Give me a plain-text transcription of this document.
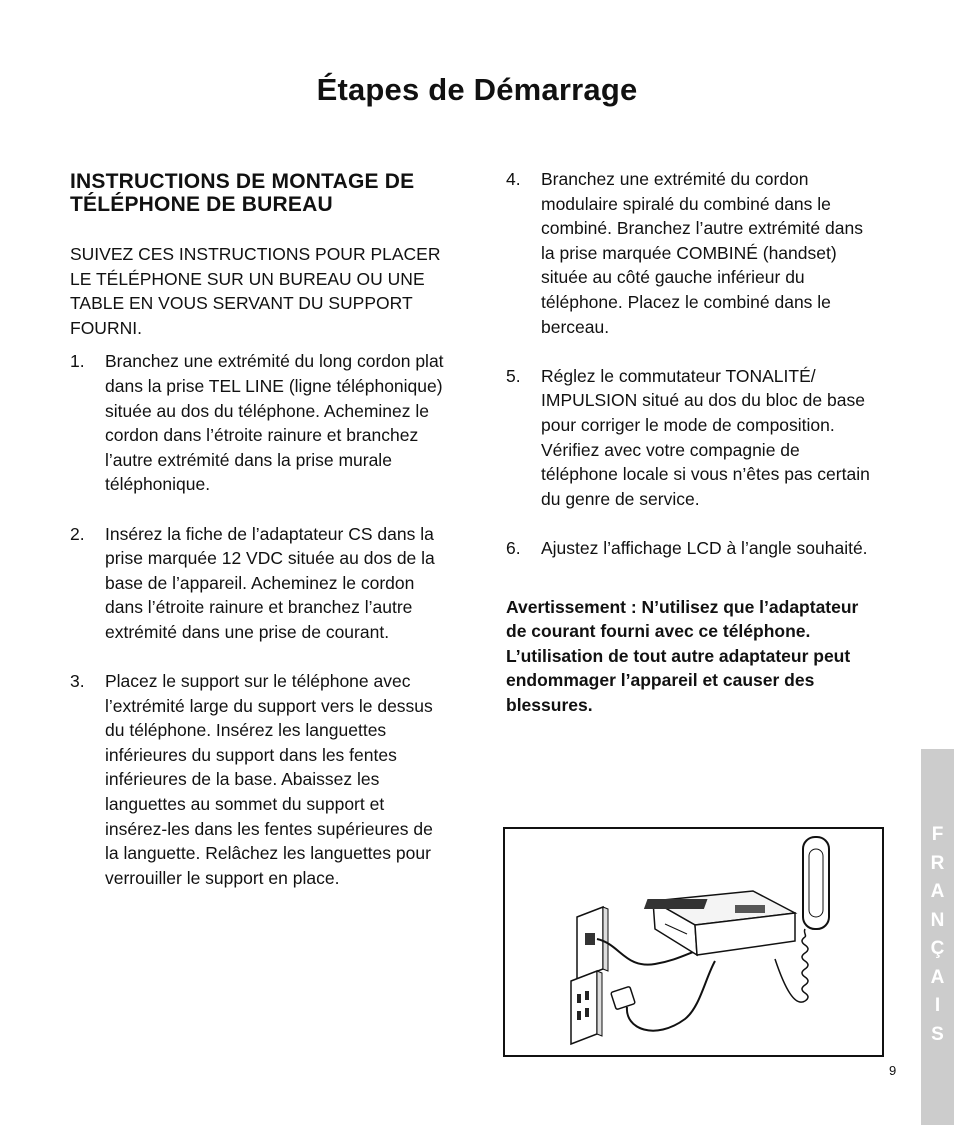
Étapes de Démarrage
INSTRUCTIONS DE MONTAGE DE TÉLÉPHONE DE BUREAU

SUIVEZ CES INSTRUCTIONS POUR PLACER LE TÉLÉPHONE SUR UN BUREAU OU UNE TABLE EN VOUS SERVANT DU SUPPORT FOURNI.

1.	Branchez une extrémité du long cordon plat dans la prise TEL LINE (ligne téléphonique) située au dos du téléphone. Acheminez le cordon dans l’étroite rainure et branchez l’autre extrémité dans la prise murale téléphonique.
2.	Insérez la fiche de l’adaptateur CS dans la prise marquée 12 VDC située au dos de la base de l’appareil. Acheminez le cordon dans l’étroite rainure et branchez l’autre extrémité dans une prise de courant.
3.	Placez le support sur le téléphone avec l’extrémité large du support vers le dessus du téléphone. Insérez les languettes inférieures du support dans les fentes inférieures de la base. Abaissez les languettes au sommet du support et insérez-les dans les fentes supérieures de la languette. Relâchez les languettes pour verrouiller le support en place.
4.	Branchez une extrémité du cordon modulaire spiralé du combiné dans le combiné. Branchez l’autre extrémité dans la prise marquée COMBINÉ (handset) située au côté gauche inférieur du téléphone. Placez le combiné dans le berceau.
5.	Réglez le commutateur TONALITÉ/ IMPULSION situé au dos du bloc de base pour corriger le mode de composition. Vérifiez avec votre compagnie de téléphone locale si vous n’êtes pas certain du genre de service.
6.	Ajustez l’affichage LCD à l’angle souhaité.

Avertissement : N’utilisez que l’adaptateur de courant fourni avec ce téléphone. L’utilisation de tout autre adaptateur peut endommager l’appareil et causer des blessures.

F
R
A
N
Ç
A
I
S
9
